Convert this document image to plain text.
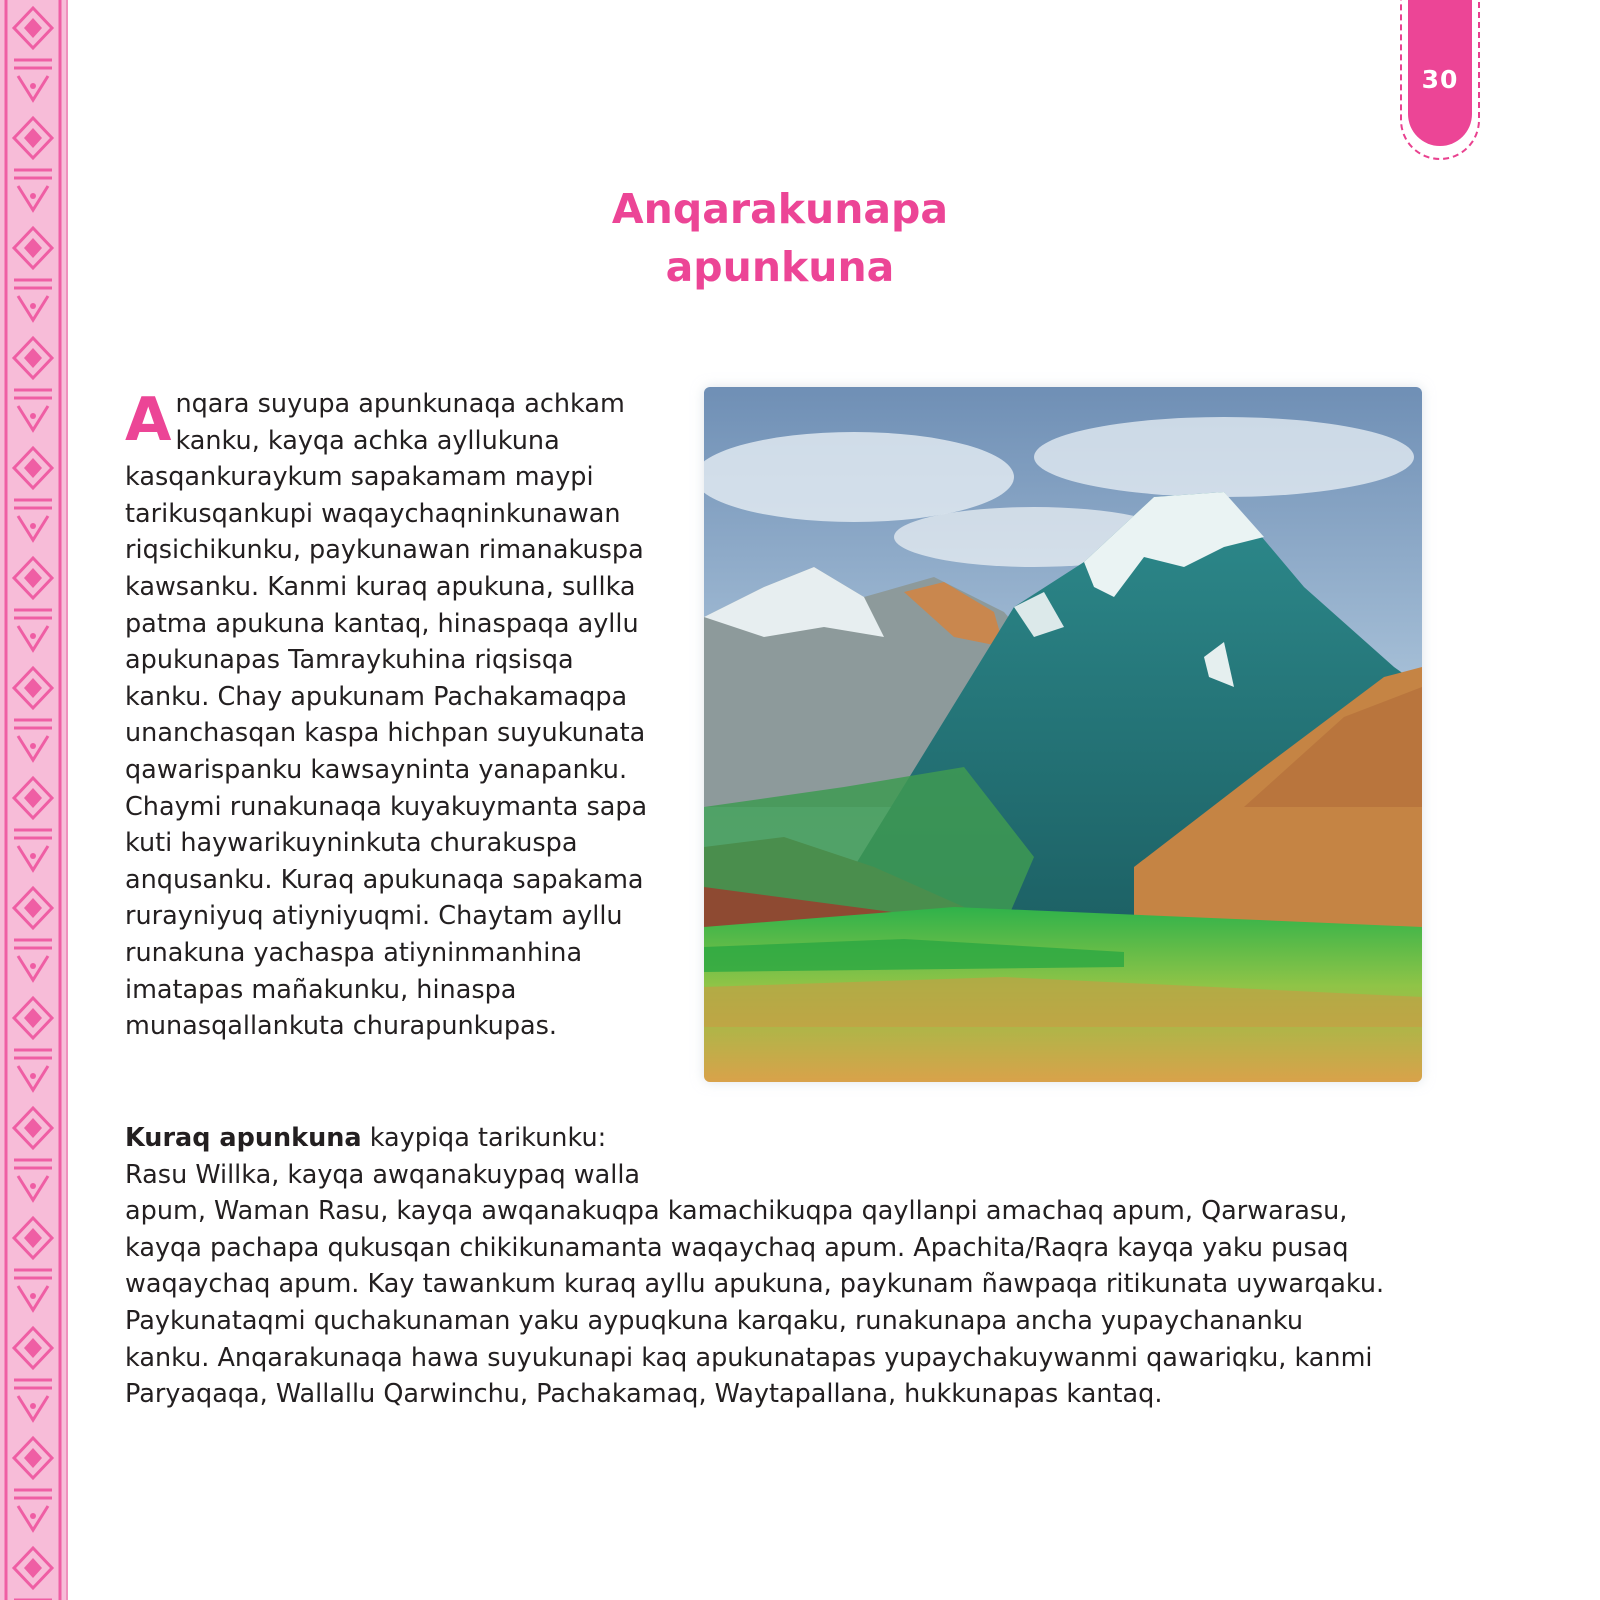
30
Anqarakunapa
apunkuna
A nqara suyupa apunkunaqa achkam kanku, kayqa achka ayllukuna kasqankuraykum sapakamam maypi tarikusqankupi waqaychaqninkunawan riqsichikunku, paykunawan rimanakuspa kawsanku. Kanmi kuraq apukuna, sullka patma apukuna kantaq, hinaspaqa ayllu apukunapas Tamraykuhina riqsisqa kanku. Chay apukunam Pachakamaqpa unanchasqan kaspa hichpan suyukunata qawarispanku kawsayninta yanapanku. Chaymi runakunaqa kuyakuymanta sapa kuti haywarikuyninkuta churakuspa anqusanku. Kuraq apukunaqa sapakama rurayniyuq atiyniyuqmi. Chaytam ayllu runakuna yachaspa atiyninmanhina imatapas mañakunku, hinaspa munasqallankuta churapunkupas.
Kuraq apunkuna kaypiqa tarikunku:
Rasu Willka, kayqa awqanakuypaq walla
apum, Waman Rasu, kayqa awqanakuqpa kamachikuqpa qayllanpi amachaq apum, Qarwarasu,
kayqa pachapa qukusqan chikikunamanta waqaychaq apum. Apachita/Raqra kayqa yaku pusaq
waqaychaq apum. Kay tawankum kuraq ayllu apukuna, paykunam ñawpaqa ritikunata uywarqaku.
Paykunataqmi quchakunaman yaku aypuqkuna karqaku, runakunapa ancha yupaychananku
kanku. Anqarakunaqa hawa suyukunapi kaq apukunatapas yupaychakuywanmi qawariqku, kanmi
Paryaqaqa, Wallallu Qarwinchu, Pachakamaq, Waytapallana, hukkunapas kantaq.
